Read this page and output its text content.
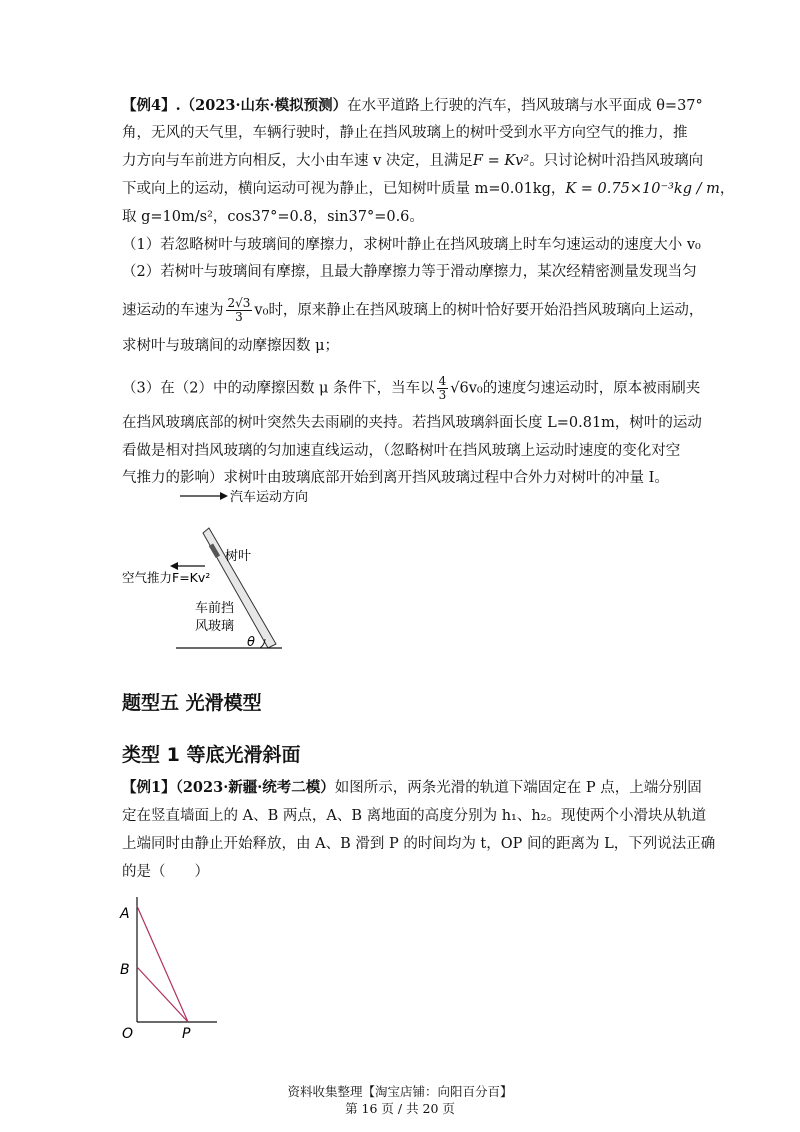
【例4】.（2023·山东·模拟预测）在水平道路上行驶的汽车，挡风玻璃与水平面成 θ=37°
角，无风的天气里，车辆行驶时，静止在挡风玻璃上的树叶受到水平方向空气的推力，推
力方向与车前进方向相反，大小由车速 v 决定，且满足F = Kv²。只讨论树叶沿挡风玻璃向
下或向上的运动，横向运动可视为静止，已知树叶质量 m=0.01kg，K = 0.75×10⁻³kg / m，
取 g=10m/s²，cos37°=0.8，sin37°=0.6。
（1）若忽略树叶与玻璃间的摩擦力，求树叶静止在挡风玻璃上时车匀速运动的速度大小 v₀
（2）若树叶与玻璃间有摩擦，且最大静摩擦力等于滑动摩擦力，某次经精密测量发现当匀
速运动的车速为 $\frac{2√3}{3} v_0$时，原来静止在挡风玻璃上的树叶恰好要开始沿挡风玻璃向上运动，
求树叶与玻璃间的动摩擦因数 μ；
（3）在（2）中的动摩擦因数 μ 条件下，当车以 $\frac{4}{3} √6v_0$的速度匀速运动时，原本被雨刷夹
在挡风玻璃底部的树叶突然失去雨刷的夹持。若挡风玻璃斜面长度 L=0.81m，树叶的运动
看做是相对挡风玻璃的匀加速直线运动，（忽略树叶在挡风玻璃上运动时速度的变化对空
气推力的影响）求树叶由玻璃底部开始到离开挡风玻璃过程中合外力对树叶的冲量 I。
汽车运动方向
树叶
空气推力F=Kv²
车前挡
风玻璃
θ
题型五 光滑模型
类型 1 等底光滑斜面
【例1】（2023·新疆·统考二模）如图所示，两条光滑的轨道下端固定在 P 点，上端分别固
定在竖直墙面上的 A、B 两点，A、B 离地面的高度分别为 h₁、h₂。现使两个小滑块从轨道
上端同时由静止开始释放，由 A、B 滑到 P 的时间均为 t，OP 间的距离为 L，下列说法正确
的是（　　）
A
B
O	P
资料收集整理【淘宝店铺：向阳百分百】
第 16 页 / 共 20 页
